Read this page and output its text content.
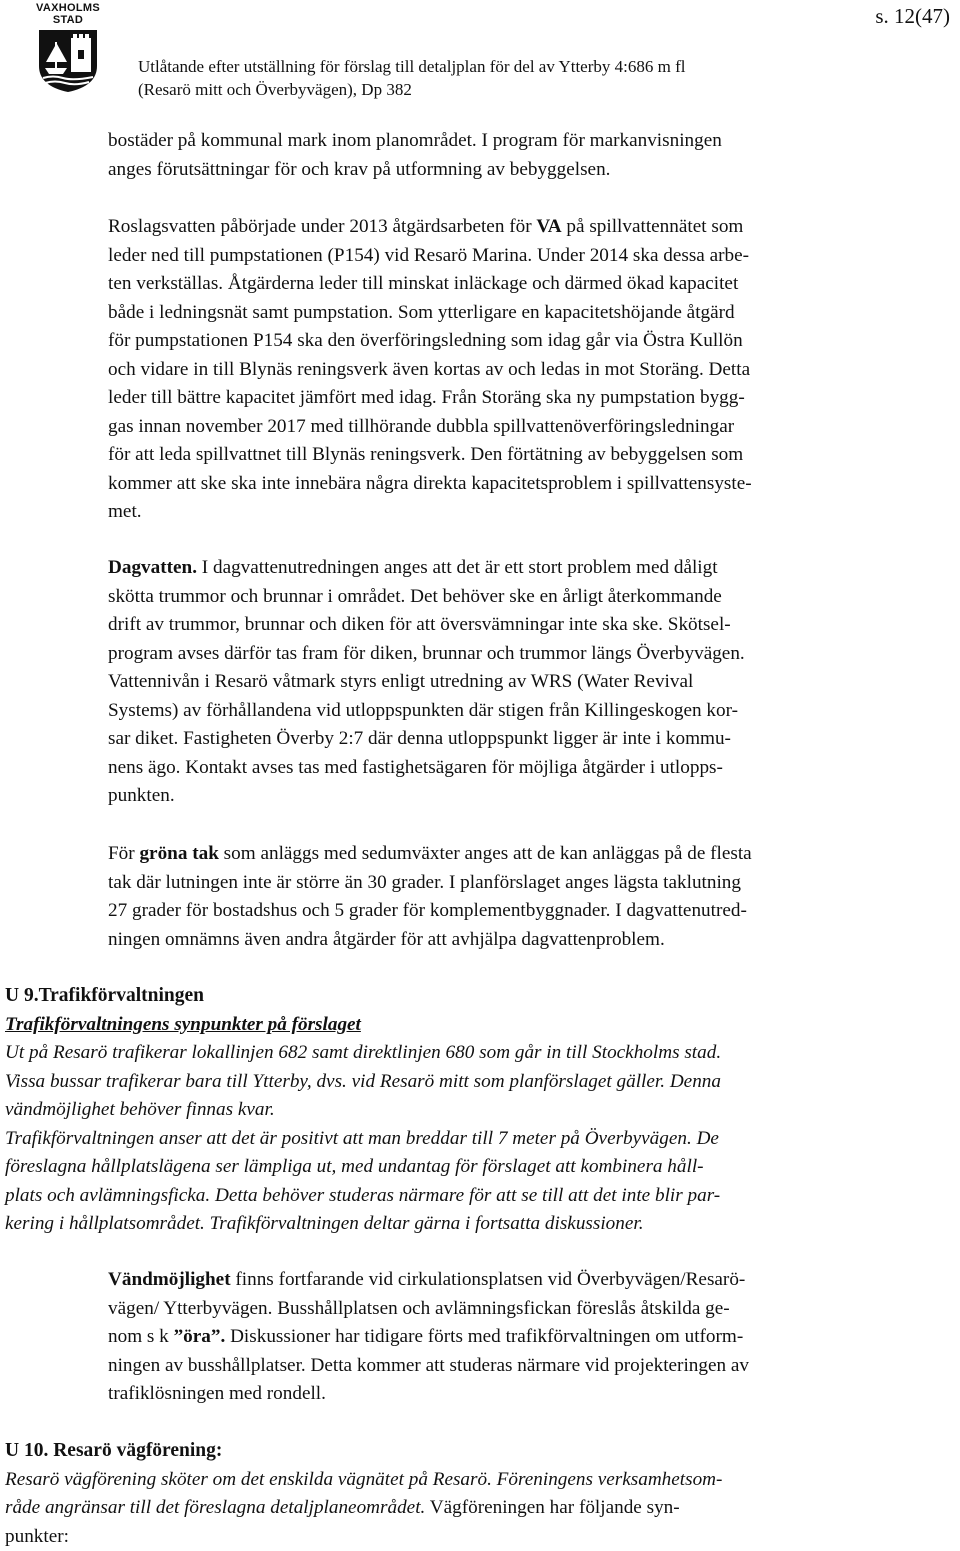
VAXHOLMS
STAD	s. 12(47)
Utlåtande efter utställning för förslag till detaljplan för del av Ytterby 4:686 m fl
(Resarö mitt och Överbyvägen), Dp 382
bostäder på kommunal mark inom planområdet. I program för markanvisningen
anges förutsättningar för och krav på utformning av bebyggelsen.
Roslagsvatten påbörjade under 2013 åtgärdsarbeten för VA på spillvattennätet som
leder ned till pumpstationen (P154) vid Resarö Marina. Under 2014 ska dessa arbe-
ten verkställas. Åtgärderna leder till minskat inläckage och därmed ökad kapacitet
både i ledningsnät samt pumpstation. Som ytterligare en kapacitetshöjande åtgärd
för pumpstationen P154 ska den överföringsledning som idag går via Östra Kullön
och vidare in till Blynäs reningsverk även kortas av och ledas in mot Storäng. Detta
leder till bättre kapacitet jämfört med idag. Från Storäng ska ny pumpstation bygg-
gas innan november 2017 med tillhörande dubbla spillvattenöverföringsledningar
för att leda spillvattnet till Blynäs reningsverk. Den förtätning av bebyggelsen som
kommer att ske ska inte innebära några direkta kapacitetsproblem i spillvattensyste-
met.
Dagvatten. I dagvattenutredningen anges att det är ett stort problem med dåligt
skötta trummor och brunnar i området. Det behöver ske en årligt återkommande
drift av trummor, brunnar och diken för att översvämningar inte ska ske. Skötsel-
program avses därför tas fram för diken, brunnar och trummor längs Överbyvägen.
Vattennivån i Resarö våtmark styrs enligt utredning av WRS (Water Revival
Systems) av förhållandena vid utloppspunkten där stigen från Killingeskogen kor-
sar diket. Fastigheten Överby 2:7 där denna utloppspunkt ligger är inte i kommu-
nens ägo. Kontakt avses tas med fastighetsägaren för möjliga åtgärder i utlopps-
punkten.
För gröna tak som anläggs med sedumväxter anges att de kan anläggas på de flesta
tak där lutningen inte är större än 30 grader. I planförslaget anges lägsta taklutning
27 grader för bostadshus och 5 grader för komplementbyggnader. I dagvattenutred-
ningen omnämns även andra åtgärder för att avhjälpa dagvattenproblem.
U 9.Trafikförvaltningen
Trafikförvaltningens synpunkter på förslaget
Ut på Resarö trafikerar lokallinjen 682 samt direktlinjen 680 som går in till Stockholms stad.
Vissa bussar trafikerar bara till Ytterby, dvs. vid Resarö mitt som planförslaget gäller. Denna
vändmöjlighet behöver finnas kvar.
Trafikförvaltningen anser att det är positivt att man breddar till 7 meter på Överbyvägen. De
föreslagna hållplatslägena ser lämpliga ut, med undantag för förslaget att kombinera håll-
plats och avlämningsficka. Detta behöver studeras närmare för att se till att det inte blir par-
kering i hållplatsområdet. Trafikförvaltningen deltar gärna i fortsatta diskussioner.
Vändmöjlighet finns fortfarande vid cirkulationsplatsen vid Överbyvägen/Resarö-
vägen/ Ytterbyvägen. Busshållplatsen och avlämningsfickan föreslås åtskilda ge-
nom s k ”öra”. Diskussioner har tidigare förts med trafikförvaltningen om utform-
ningen av busshållplatser. Detta kommer att studeras närmare vid projekteringen av
trafiklösningen med rondell.
U 10. Resarö vägförening:
Resarö vägförening sköter om det enskilda vägnätet på Resarö. Föreningens verksamhetsom-
råde angränsar till det föreslagna detaljplaneområdet. Vägföreningen har följande syn-
punkter:
